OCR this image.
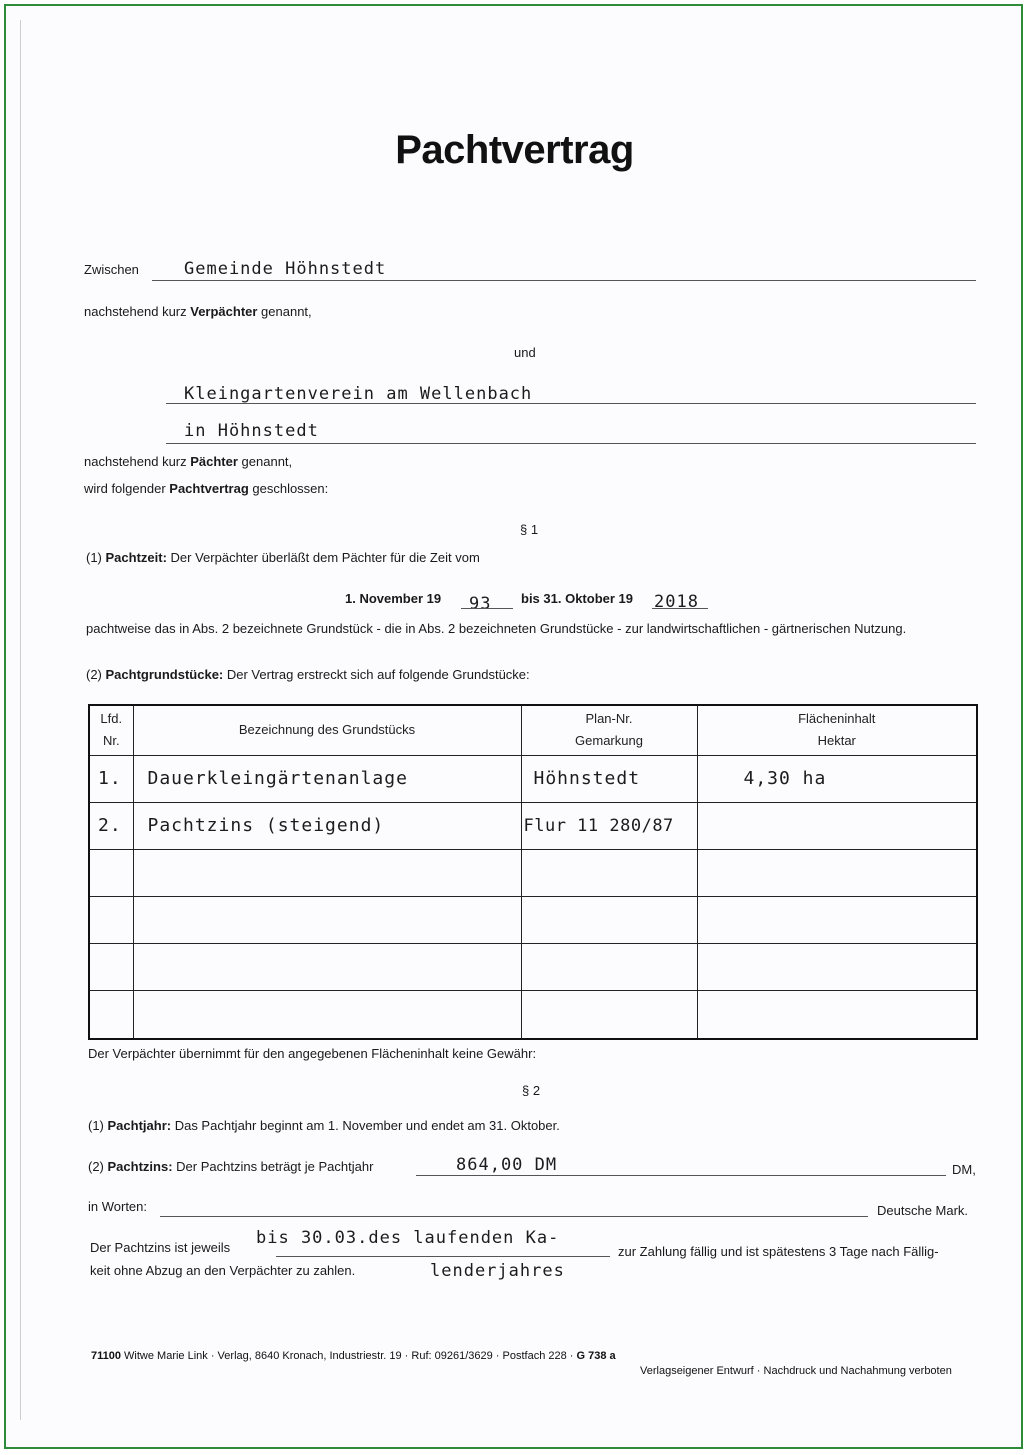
Pachtvertrag
Zwischen	Gemeinde Höhnstedt
nachstehend kurz Verpächter genannt,
und
Kleingartenverein am Wellenbach
in Höhnstedt
nachstehend kurz Pächter genannt,
wird folgender Pachtvertrag geschlossen:
§ 1
(1) Pachtzeit: Der Verpächter überläßt dem Pächter für die Zeit vom
1. November 19 93 bis 31. Oktober 19 2018
pachtweise das in Abs. 2 bezeichnete Grundstück - die in Abs. 2 bezeichneten Grundstücke - zur landwirtschaftlichen - gärtnerischen Nutzung.
(2) Pachtgrundstücke: Der Vertrag erstreckt sich auf folgende Grundstücke:
Lfd. Nr.	Bezeichnung des Grundstücks	Plan-Nr. Gemarkung	Flächeninhalt Hektar

1.	Dauerkleingärtenanlage	Höhnstedt	4,30 ha
2.	Pachtzins (steigend)	Flur 11 280/87	

Der Verpächter übernimmt für den angegebenen Flächeninhalt keine Gewähr:
§ 2
(1) Pachtjahr: Das Pachtjahr beginnt am 1. November und endet am 31. Oktober.
(2) Pachtzins: Der Pachtzins beträgt je Pachtjahr	864,00 DM	DM,
in Worten:	Deutsche Mark.
Der Pachtzins ist jeweils bis 30.03.des laufenden Ka-
zur Zahlung fällig und ist spätestens 3 Tage nach Fällig-
keit ohne Abzug an den Verpächter zu zahlen.	lenderjahres
71100 Witwe Marie Link · Verlag, 8640 Kronach, Industriestr. 19 · Ruf: 09261/3629 · Postfach 228 · G 738 a
Verlagseigener Entwurf · Nachdruck und Nachahmung verboten
